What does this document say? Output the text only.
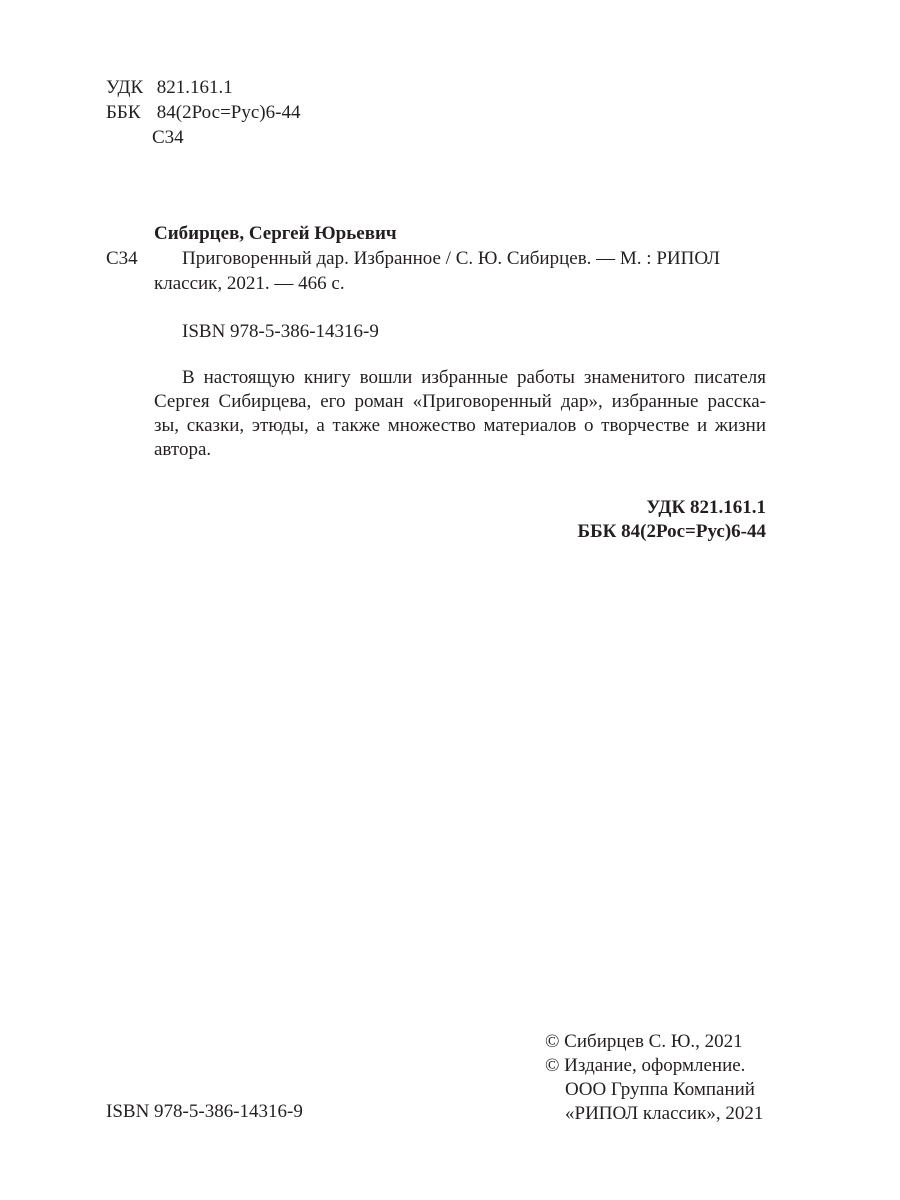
УДК 821.161.1
ББК 84(2Рос=Рус)6-44
С34
Сибирцев, Сергей Юрьевич
С34 Приговоренный дар. Избранное / С. Ю. Сибирцев. — М. : РИПОЛ
классик, 2021. — 466 с.
ISBN 978-5-386-14316-9
В настоящую книгу вошли избранные работы знаменитого писателя
Сергея Сибирцева, его роман «Приговоренный дар», избранные расска-
зы, сказки, этюды, а также множество материалов о творчестве и жизни
автора.
УДК 821.161.1
ББК 84(2Рос=Рус)6-44
ISBN 978-5-386-14316-9
© Сибирцев С. Ю., 2021
© Издание, оформление.
ООО Группа Компаний
«РИПОЛ классик», 2021
